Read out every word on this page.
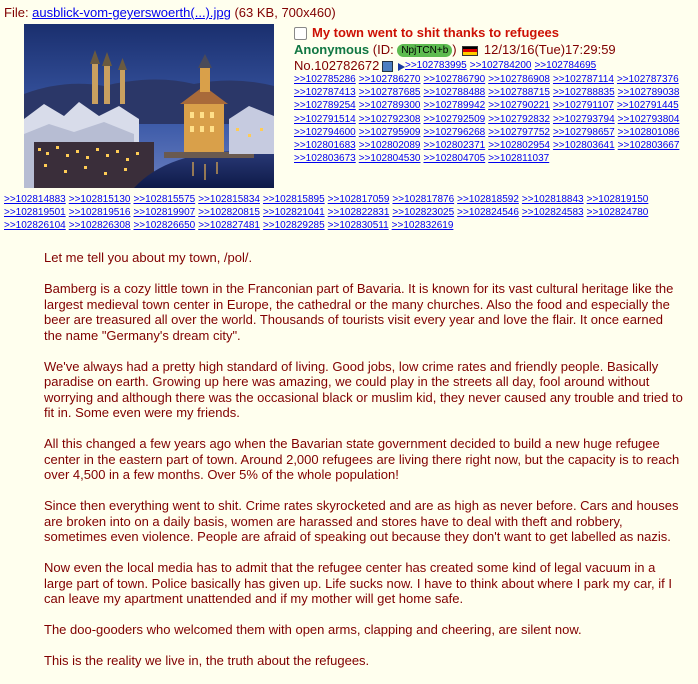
File: ausblick-vom-geyerswoerth(...).jpg (63 KB, 700x460)
My town went to shit thanks to refugees
Anonymous (ID: NpjTCN+b ) 12/13/16(Tue)17:29:59
No.102782672	>>102783995 >>102784200 >>102784695
>>102785286 >>102786270 >>102786790 >>102786908 >>102787114 >>102787376>>102787413 >>102787685 >>102788488 >>102788715 >>102788835 >>102789038>>102789254 >>102789300 >>102789942 >>102790221 >>102791107 >>102791445>>102791514 >>102792308 >>102792509 >>102792832 >>102793794 >>102793804>>102794600 >>102795909 >>102796268 >>102797752 >>102798657 >>102801086>>102801683 >>102802089 >>102802371 >>102802954 >>102803641 >>102803667>>102803673 >>102804530 >>102804705 >>102811037
>>102814883 >>102815130 >>102815575 >>102815834 >>102815895 >>102817059 >>102817876 >>102818592 >>102818843 >>102819150>>102819501 >>102819516 >>102819907 >>102820815 >>102821041 >>102822831 >>102823025 >>102824546 >>102824583 >>102824780>>102826104 >>102826308 >>102826650 >>102827481 >>102829285 >>102830511 >>102832619

Let me tell you about my town, /pol/.

Bamberg is a cozy little town in the Franconian part of Bavaria. It is known for its vast cultural heritage like the largest medieval town center in Europe, the cathedral or the many churches. Also the food and especially the beer are treasured all over the world. Thousands of tourists visit every year and love the flair. It once earned the name "Germany's dream city".

We've always had a pretty high standard of living. Good jobs, low crime rates and friendly people. Basically paradise on earth. Growing up here was amazing, we could play in the streets all day, fool around without worrying and although there was the occasional black or muslim kid, they never caused any trouble and tried to fit in. Some even were my friends.

All this changed a few years ago when the Bavarian state government decided to build a new huge refugee center in the eastern part of town. Around 2,000 refugees are living there right now, but the capacity is to reach over 4,500 in a few months. Over 5% of the whole population!

Since then everything went to shit. Crime rates skyrocketed and are as high as never before. Cars and houses are broken into on a daily basis, women are harassed and stores have to deal with theft and robbery, sometimes even violence. People are afraid of speaking out because they don't want to get labelled as nazis.

Now even the local media has to admit that the refugee center has created some kind of legal vacuum in a large part of town. Police basically has given up. Life sucks now. I have to think about where I park my car, if I can leave my apartment unattended and if my mother will get home safe.

The doo-gooders who welcomed them with open arms, clapping and cheering, are silent now.

This is the reality we live in, the truth about the refugees.
